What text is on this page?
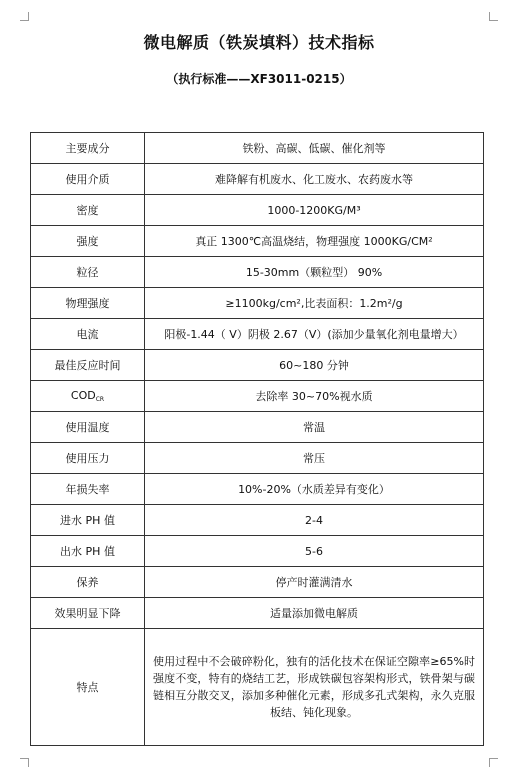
微电解质（铁炭填料）技术指标
（执行标准——XF3011-0215）
主要成分	铁粉、高碳、低碳、催化剂等
使用介质	难降解有机废水、化工废水、农药废水等
密度	1000-1200KG/M³
强度	真正 1300℃高温烧结，物理强度 1000KG/CM²
粒径	15-30mm（颗粒型） 90%
物理强度	≥1100kg/cm²,比表面积：1.2m²/g
电流	阳极-1.44（ V）阴极 2.67（V）(添加少量氧化剂电量增大）
最佳反应时间	60~180 分钟
$COD_{CR}$	去除率 30~70%视水质
使用温度	常温
使用压力	常压
年损失率	10%-20%（水质差异有变化）
进水 PH 值	2-4
出水 PH 值	5-6
保养	停产时灌满清水
效果明显下降	适量添加微电解质
特点	使用过程中不会破碎粉化，独有的活化技术在保证空隙率≥65%时强度不变，特有的烧结工艺，形成铁碳包容架构形式，铁骨架与碳链相互分散交叉，添加多种催化元素，形成多孔式架构，永久克服板结、钝化现象。
